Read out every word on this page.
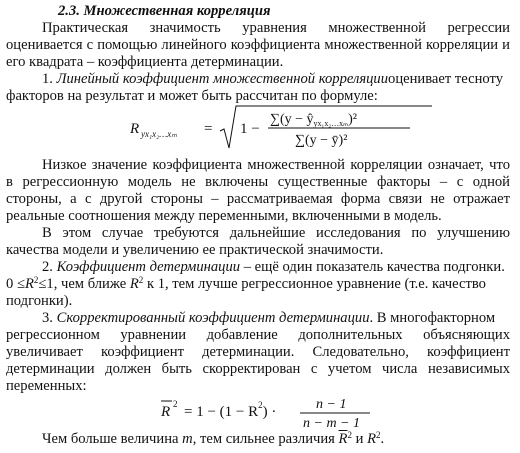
2.3. Множественная корреляция
Практическая значимость уравнения множественной регрессии
оценивается с помощью линейного коэффициента множественной корреляции и
его квадрата – коэффициента детерминации.
1. Линейный коэффициент множественной корреляцииоценивает тесноту
факторов на результат и может быть рассчитан по формуле:
R yx₁x₂…xₘ = 1 −
$\sum(y - ŷ_{yx_1x_2\dots x_m})^2$
∑(y − ȳ)²
Низкое значение коэффициента множественной корреляции означает, что
в регрессионную модель не включены существенные факторы – с одной
стороны, а с другой стороны – рассматриваемая форма связи не отражает
реальные соотношения между переменными, включенными в модель.
В этом случае требуются дальнейшие исследования по улучшению
качества модели и увеличению ее практической значимости.
2. Коэффициент детерминации – ещё один показатель качества подгонки.
$0 \le R^2\le 1$, чем ближе $R^2$ к 1, тем лучше регрессионное уравнение (т.е. качество
подгонки).
3. Скорректированный коэффициент детерминации. В многофакторном
регрессионном уравнении добавление дополнительных объясняющих
увеличивает коэффициент детерминации. Следовательно, коэффициент
детерминации должен быть скорректирован с учетом числа независимых
переменных:
R $2 = 1 - (1 - R^2)$ ·	n − 1
n − m − 1
Чем больше величина m, тем сильнее различия $\overline{R}^2$ и $R^2$.
